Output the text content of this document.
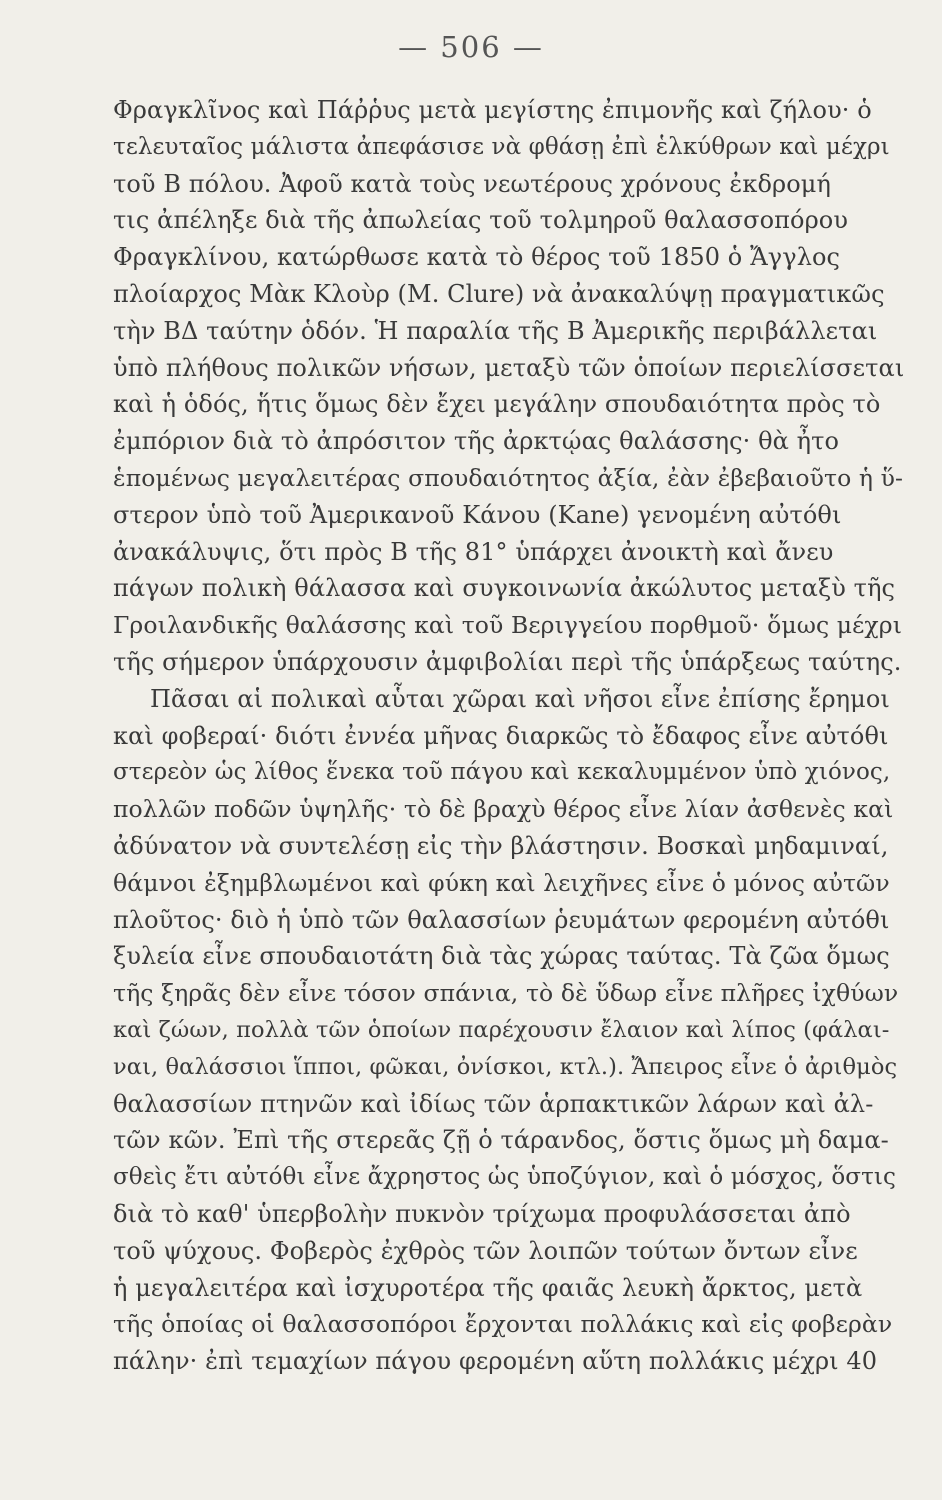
— 506 —
Φραγκλῖνος καὶ Πάῤῥυς μετὰ μεγίστης ἐπιμονῆς καὶ ζήλου· ὁ
τελευταῖος μάλιστα ἀπεφάσισε νὰ φθάσῃ ἐπὶ ἑλκύθρων καὶ μέχρι
τοῦ Β πόλου. Ἀφοῦ κατὰ τοὺς νεωτέρους χρόνους ἐκδρομή
τις ἀπέληξε διὰ τῆς ἀπωλείας τοῦ τολμηροῦ θαλασσοπόρου
Φραγκλίνου, κατώρθωσε κατὰ τὸ θέρος τοῦ 1850 ὁ Ἄγγλος
πλοίαρχος Μὰκ Κλοὺρ (M. Clure) νὰ ἀνακαλύψῃ πραγματικῶς
τὴν ΒΔ ταύτην ὁδόν. Ἡ παραλία τῆς Β Ἀμερικῆς περιβάλλεται
ὑπὸ πλήθους πολικῶν νήσων, μεταξὺ τῶν ὁποίων περιελίσσεται
καὶ ἡ ὁδός, ἥτις ὅμως δὲν ἔχει μεγάλην σπουδαιότητα πρὸς τὸ
ἐμπόριον διὰ τὸ ἀπρόσιτον τῆς ἀρκτῴας θαλάσσης· θὰ ἦτο
ἑπομένως μεγαλειτέρας σπουδαιότητος ἀξία, ἐὰν ἐβεβαιοῦτο ἡ ὕ-
στερον ὑπὸ τοῦ Ἀμερικανοῦ Κάνου (Kane) γενομένη αὐτόθι
ἀνακάλυψις, ὅτι πρὸς Β τῆς 81° ὑπάρχει ἀνοικτὴ καὶ ἄνευ
πάγων πολικὴ θάλασσα καὶ συγκοινωνία ἀκώλυτος μεταξὺ τῆς
Γροιλανδικῆς θαλάσσης καὶ τοῦ Βεριγγείου πορθμοῦ· ὅμως μέχρι
τῆς σήμερον ὑπάρχουσιν ἀμφιβολίαι περὶ τῆς ὑπάρξεως ταύτης.
Πᾶσαι αἱ πολικαὶ αὗται χῶραι καὶ νῆσοι εἶνε ἐπίσης ἔρημοι
καὶ φοβεραί· διότι ἐννέα μῆνας διαρκῶς τὸ ἔδαφος εἶνε αὐτόθι
στερεὸν ὡς λίθος ἕνεκα τοῦ πάγου καὶ κεκαλυμμένον ὑπὸ χιόνος,
πολλῶν ποδῶν ὑψηλῆς· τὸ δὲ βραχὺ θέρος εἶνε λίαν ἀσθενὲς καὶ
ἀδύνατον νὰ συντελέσῃ εἰς τὴν βλάστησιν. Βοσκαὶ μηδαμιναί,
θάμνοι ἐξημβλωμένοι καὶ φύκη καὶ λειχῆνες εἶνε ὁ μόνος αὐτῶν
πλοῦτος· διὸ ἡ ὑπὸ τῶν θαλασσίων ῥευμάτων φερομένη αὐτόθι
ξυλεία εἶνε σπουδαιοτάτη διὰ τὰς χώρας ταύτας. Τὰ ζῶα ὅμως
τῆς ξηρᾶς δὲν εἶνε τόσον σπάνια, τὸ δὲ ὕδωρ εἶνε πλῆρες ἰχθύων
καὶ ζώων, πολλὰ τῶν ὁποίων παρέχουσιν ἔλαιον καὶ λίπος (φάλαι-
ναι, θαλάσσιοι ἵπποι, φῶκαι, ὀνίσκοι, κτλ.). Ἄπειρος εἶνε ὁ ἀριθμὸς
θαλασσίων πτηνῶν καὶ ἰδίως τῶν ἁρπακτικῶν λάρων καὶ ἀλ-
τῶν κῶν. Ἐπὶ τῆς στερεᾶς ζῇ ὁ τάρανδος, ὅστις ὅμως μὴ δαμα-
σθεὶς ἔτι αὐτόθι εἶνε ἄχρηστος ὡς ὑποζύγιον, καὶ ὁ μόσχος, ὅστις
διὰ τὸ καθ' ὑπερβολὴν πυκνὸν τρίχωμα προφυλάσσεται ἀπὸ
τοῦ ψύχους. Φοβερὸς ἐχθρὸς τῶν λοιπῶν τούτων ὄντων εἶνε
ἡ μεγαλειτέρα καὶ ἰσχυροτέρα τῆς φαιᾶς λευκὴ ἄρκτος, μετὰ
τῆς ὁποίας οἱ θαλασσοπόροι ἔρχονται πολλάκις καὶ εἰς φοβερὰν
πάλην· ἐπὶ τεμαχίων πάγου φερομένη αὕτη πολλάκις μέχρι 40
